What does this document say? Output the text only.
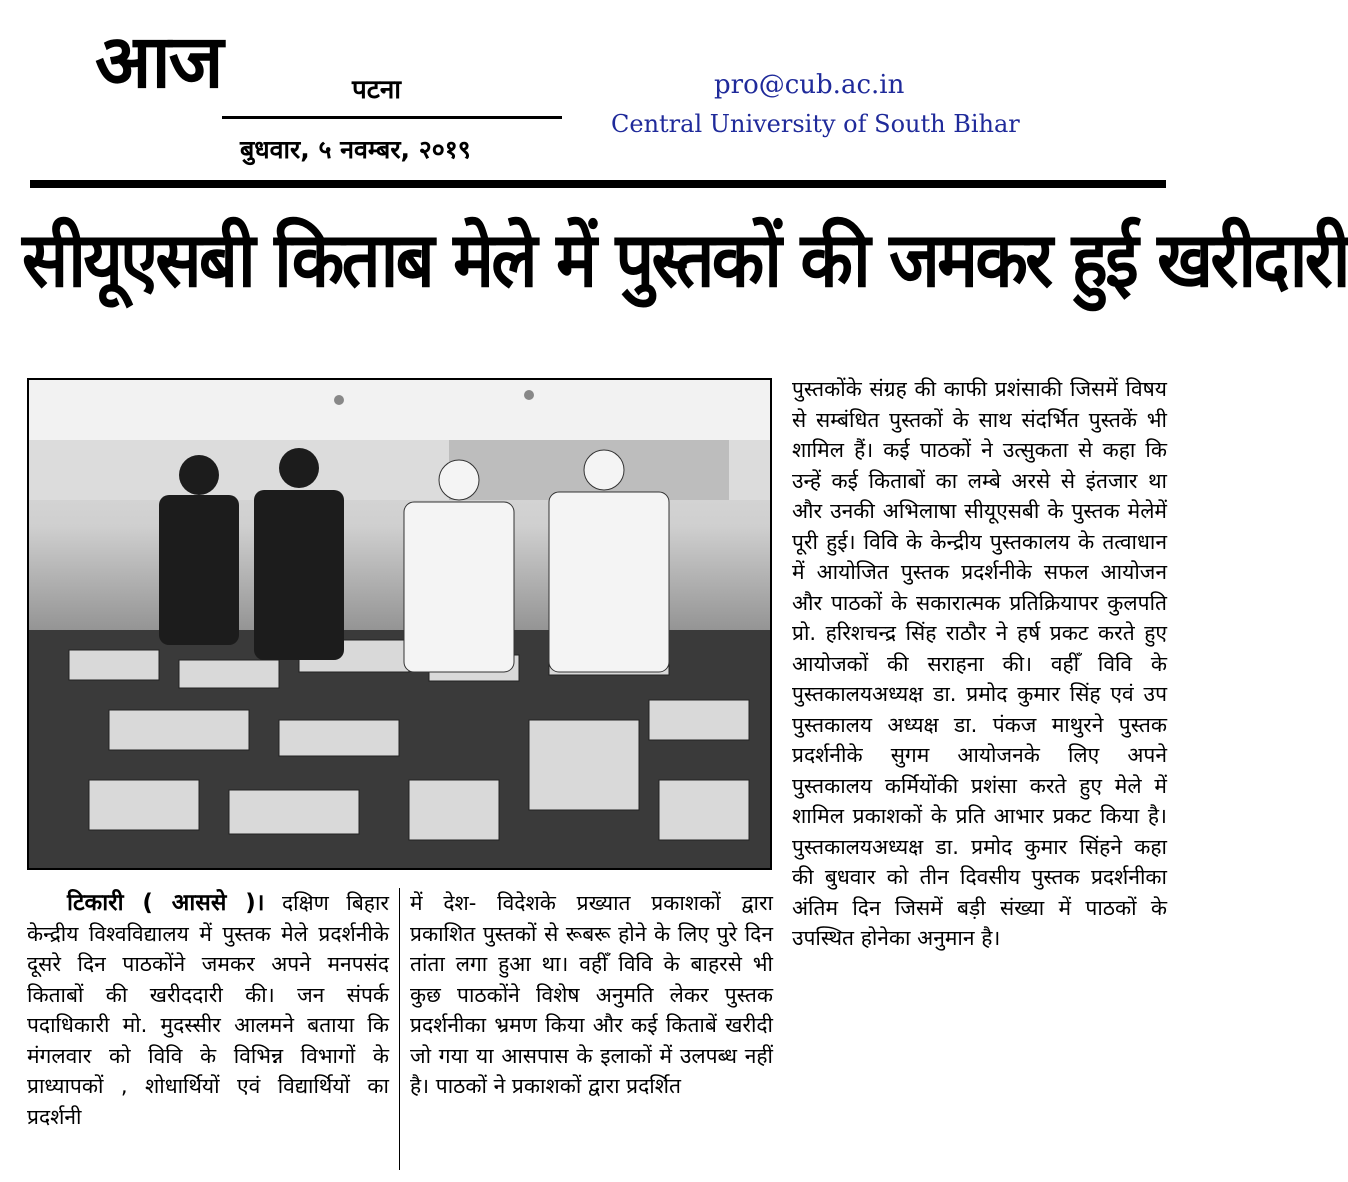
आज	पटना
बुधवार, ५ नवम्बर, २०१९
pro@cub.ac.in
Central University of South Bihar
सीयूएसबी किताब मेले में पुस्तकों की जमकर हुई खरीदारी
टिकारी ( आससे )। दक्षिण बिहार केन्द्रीय विश्वविद्यालय में पुस्तक मेले प्रदर्शनीके दूसरे दिन पाठकोंने जमकर अपने मनपसंद किताबों की खरीददारी की। जन संपर्क पदाधिकारी मो. मुदस्सीर आलमने बताया कि मंगलवार को विवि के विभिन्न विभागों के प्राध्यापकों , शोधार्थियों एवं विद्यार्थियों का प्रदर्शनी
में देश- विदेशके प्रख्यात प्रकाशकों द्वारा प्रकाशित पुस्तकों से रूबरू होने के लिए पुरे दिन तांता लगा हुआ था। वहीँ विवि के बाहरसे भी कुछ पाठकोंने विशेष अनुमति लेकर पुस्तक प्रदर्शनीका भ्रमण किया और कई किताबें खरीदी जो गया या आसपास के इलाकों में उलपब्ध नहीं है। पाठकों ने प्रकाशकों द्वारा प्रदर्शित
पुस्तकोंके संग्रह की काफी प्रशंसाकी जिसमें विषय से सम्बंधित पुस्तकों के साथ संदर्भित पुस्तकें भी शामिल हैं। कई पाठकों ने उत्सुकता से कहा कि उन्हें कई किताबों का लम्बे अरसे से इंतजार था और उनकी अभिलाषा सीयूएसबी के पुस्तक मेलेमें पूरी हुई। विवि के केन्द्रीय पुस्तकालय के तत्वाधान में आयोजित पुस्तक प्रदर्शनीके सफल आयोजन और पाठकों के सकारात्मक प्रतिक्रियापर कुलपति प्रो. हरिशचन्द्र सिंह राठौर ने हर्ष प्रकट करते हुए आयोजकों की सराहना की। वहीँ विवि के पुस्तकालयअध्यक्ष डा. प्रमोद कुमार सिंह एवं उप पुस्तकालय अध्यक्ष डा. पंकज माथुरने पुस्तक प्रदर्शनीके सुगम आयोजनके लिए अपने पुस्तकालय कर्मियोंकी प्रशंसा करते हुए मेले में शामिल प्रकाशकों के प्रति आभार प्रकट किया है। पुस्तकालयअध्यक्ष डा. प्रमोद कुमार सिंहने कहा की बुधवार को तीन दिवसीय पुस्तक प्रदर्शनीका अंतिम दिन जिसमें बड़ी संख्या में पाठकों के उपस्थित होनेका अनुमान है।
